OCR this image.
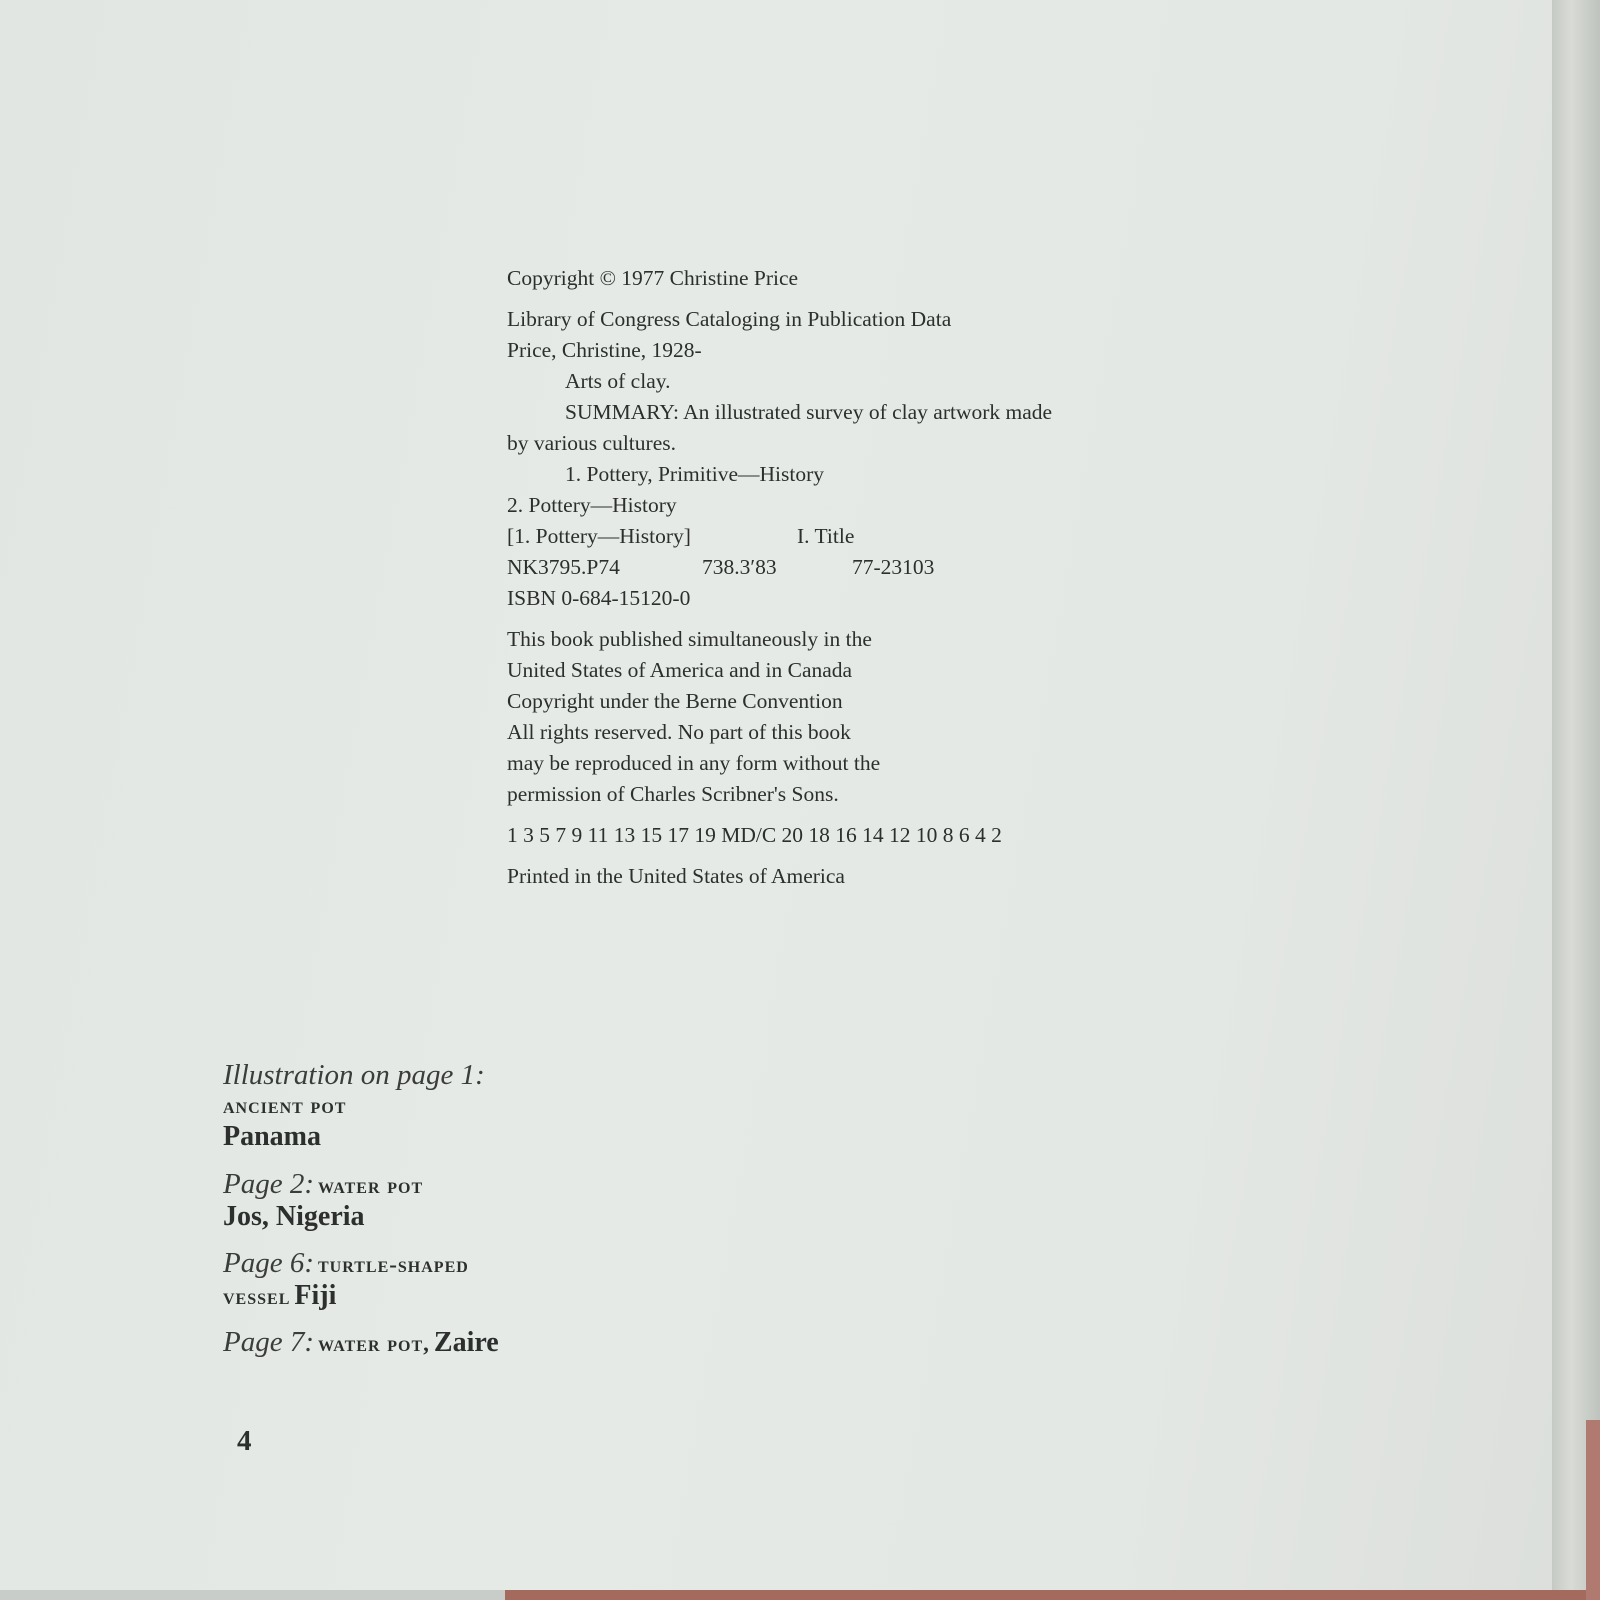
Copyright © 1977 Christine Price
Library of Congress Cataloging in Publication Data
Price, Christine, 1928-
Arts of clay.
SUMMARY: An illustrated survey of clay artwork made
by various cultures.
1. Pottery, Primitive—History
2. Pottery—History
[1. Pottery—History]	I. Title
NK3795.P74	738.3′83	77-23103
ISBN 0-684-15120-0
This book published simultaneously in the
United States of America and in Canada
Copyright under the Berne Convention
All rights reserved. No part of this book
may be reproduced in any form without the
permission of Charles Scribner's Sons.
1 3 5 7 9 11 13 15 17 19 MD/C 20 18 16 14 12 10 8 6 4 2
Printed in the United States of America
Illustration on page 1:
ancient pot
Panama
Page 2: water pot
Jos, Nigeria
Page 6: turtle-shaped
vessel Fiji
Page 7: water pot, Zaire
4
